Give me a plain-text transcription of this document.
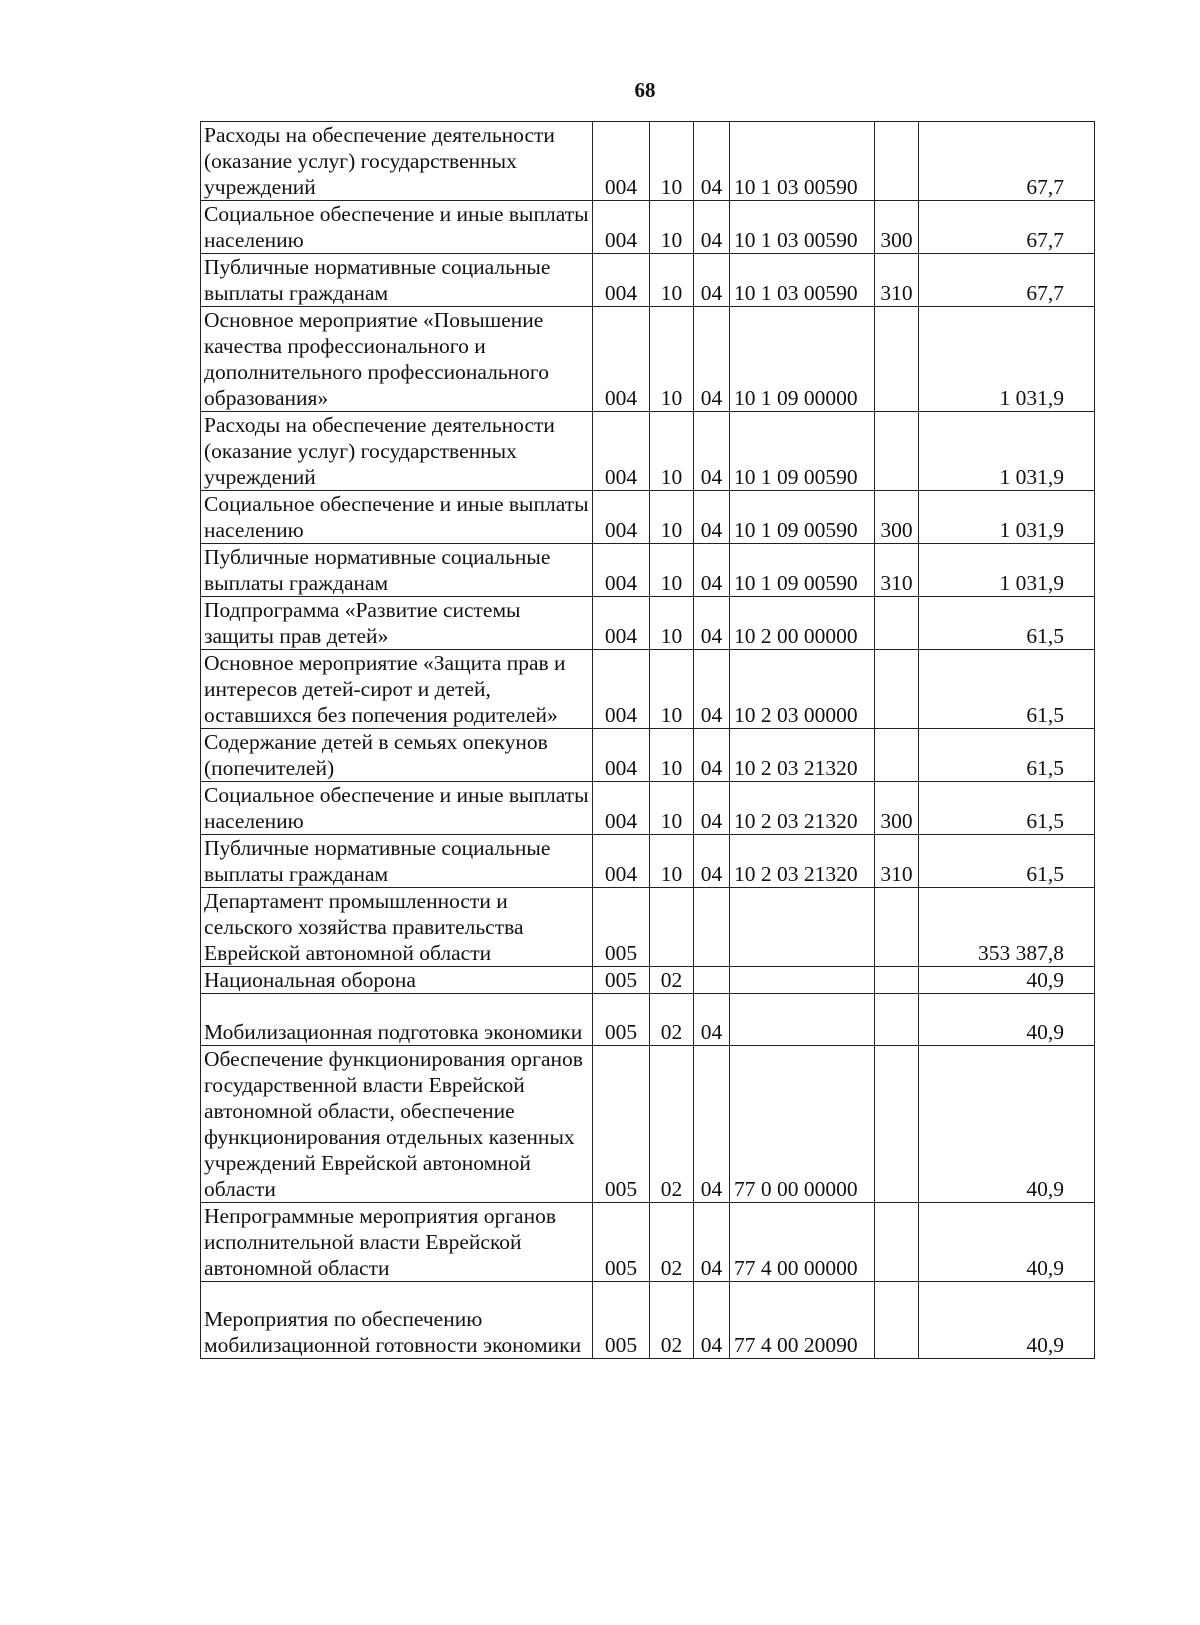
68
Расходы на обеспечение деятельности (оказание услуг) государственных учреждений	004	10	04	10 1 03 00590		67,7

Социальное обеспечение и иные выплаты населению	004	10	04	10 1 03 00590	300	67,7

Публичные нормативные социальные выплаты гражданам	004	10	04	10 1 03 00590	310	67,7

Основное мероприятие «Повышение качества профессионального и дополнительного профессионального образования»	004	10	04	10 1 09 00000		1 031,9

Расходы на обеспечение деятельности (оказание услуг) государственных учреждений	004	10	04	10 1 09 00590		1 031,9

Социальное обеспечение и иные выплаты населению	004	10	04	10 1 09 00590	300	1 031,9

Публичные нормативные социальные выплаты гражданам	004	10	04	10 1 09 00590	310	1 031,9

Подпрограмма «Развитие системы защиты прав детей»	004	10	04	10 2 00 00000		61,5

Основное мероприятие «Защита прав и интересов детей-сирот и детей, оставшихся без попечения родителей»	004	10	04	10 2 03 00000		61,5

Содержание детей в семьях опекунов (попечителей)	004	10	04	10 2 03 21320		61,5

Социальное обеспечение и иные выплаты населению	004	10	04	10 2 03 21320	300	61,5

Публичные нормативные социальные выплаты гражданам	004	10	04	10 2 03 21320	310	61,5

Департамент промышленности и сельского хозяйства правительства Еврейской автономной области	005					353 387,8

Национальная оборона	005	02				40,9

Мобилизационная подготовка экономики	005	02	04			40,9

Обеспечение функционирования органов государственной власти Еврейской автономной области, обеспечение функционирования отдельных казенных учреждений Еврейской автономной области	005	02	04	77 0 00 00000		40,9

Непрограммные мероприятия органов исполнительной власти Еврейской автономной области	005	02	04	77 4 00 00000		40,9

Мероприятия по обеспечению мобилизационной готовности экономики	005	02	04	77 4 00 20090		40,9
